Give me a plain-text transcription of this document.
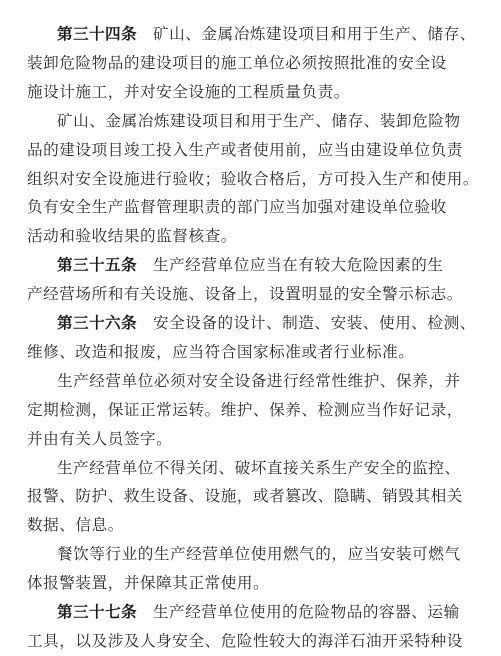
第三十四条 矿山、金属冶炼建设项目和用于生产、储存、
装卸危险物品的建设项目的施工单位必须按照批准的安全设
施设计施工，并对安全设施的工程质量负责。
矿山、金属冶炼建设项目和用于生产、储存、装卸危险物
品的建设项目竣工投入生产或者使用前，应当由建设单位负责
组织对安全设施进行验收；验收合格后，方可投入生产和使用。
负有安全生产监督管理职责的部门应当加强对建设单位验收
活动和验收结果的监督核查。
第三十五条 生产经营单位应当在有较大危险因素的生
产经营场所和有关设施、设备上，设置明显的安全警示标志。
第三十六条 安全设备的设计、制造、安装、使用、检测、
维修、改造和报废，应当符合国家标准或者行业标准。
生产经营单位必须对安全设备进行经常性维护、保养，并
定期检测，保证正常运转。维护、保养、检测应当作好记录，
并由有关人员签字。
生产经营单位不得关闭、破坏直接关系生产安全的监控、
报警、防护、救生设备、设施，或者篡改、隐瞒、销毁其相关
数据、信息。
餐饮等行业的生产经营单位使用燃气的，应当安装可燃气
体报警装置，并保障其正常使用。
第三十七条 生产经营单位使用的危险物品的容器、运输
工具，以及涉及人身安全、危险性较大的海洋石油开采特种设
